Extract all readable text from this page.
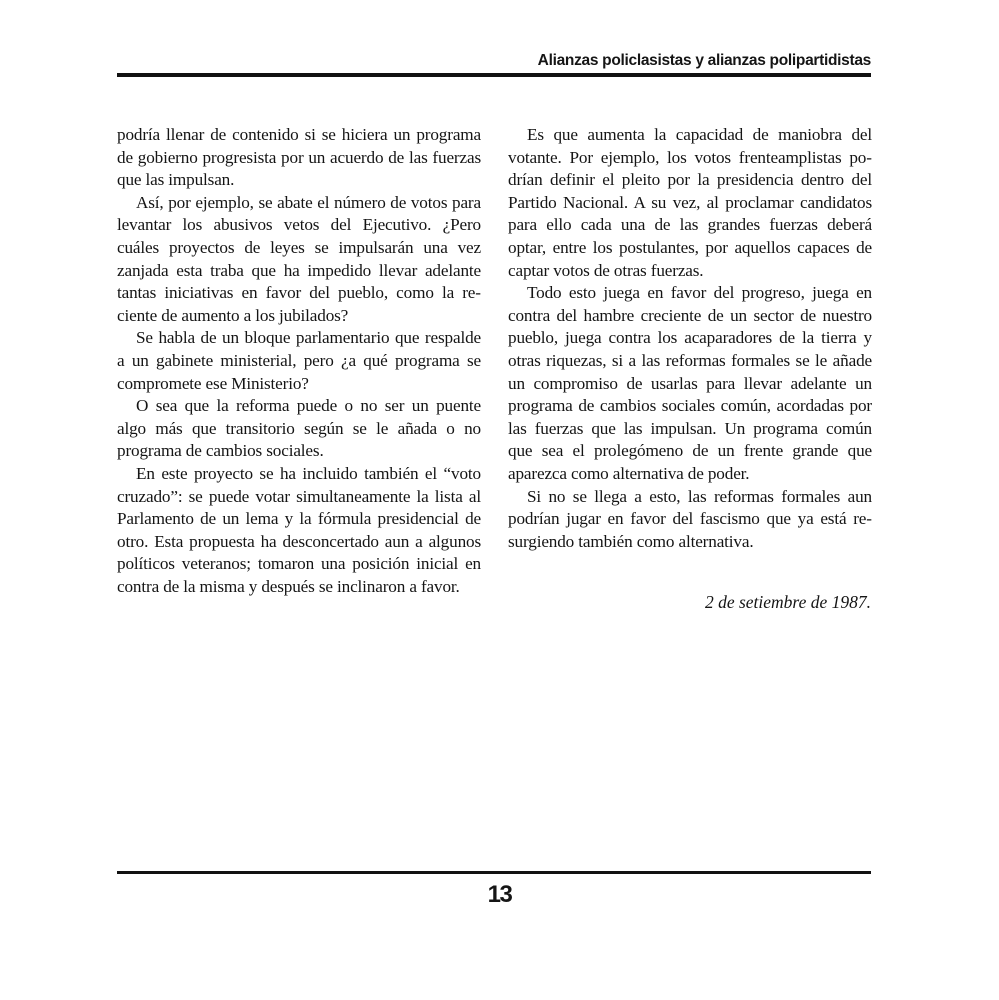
Alianzas policlasistas y alianzas polipartidistas

podría llenar de contenido si se hiciera un programa de gobierno progresista por un acuerdo de las fuerzas que las impulsan.

Así, por ejemplo, se abate el número de votos para levantar los abusivos vetos del Ejecutivo. ¿Pero cuáles proyectos de leyes se impulsarán una vez zanjada esta traba que ha impedido llevar adelante tantas iniciativas en favor del pueblo, como la reciente de aumento a los jubilados?

Se habla de un bloque parlamentario que respalde a un gabinete ministerial, pero ¿a qué programa se compromete ese Ministerio?

O sea que la reforma puede o no ser un puente algo más que transitorio según se le añada o no programa de cambios sociales.

En este proyecto se ha incluido también el “voto cruzado”: se puede votar simultaneamente la lista al Parlamento de un lema y la fórmula presidencial de otro. Esta propuesta ha desconcertado aun a algunos políticos veteranos; tomaron una posición inicial en contra de la misma y después se inclinaron a favor.

Es que aumenta la capacidad de maniobra del votante. Por ejemplo, los votos frenteamplistas podrían definir el pleito por la presidencia dentro del Partido Nacional. A su vez, al proclamar candidatos para ello cada una de las grandes fuerzas deberá optar, entre los postulantes, por aquellos capaces de captar votos de otras fuerzas.

Todo esto juega en favor del progreso, juega en contra del hambre creciente de un sector de nuestro pueblo, juega contra los acaparadores de la tierra y otras riquezas, si a las reformas formales se le añade un compromiso de usarlas para llevar adelante un programa de cambios sociales común, acordadas por las fuerzas que las impulsan. Un programa común que sea el prolegómeno de un frente grande que aparezca como alternativa de poder.

Si no se llega a esto, las reformas formales aun podrían jugar en favor del fascismo que ya está resurgiendo también como alternativa.

2 de setiembre de 1987.
13
